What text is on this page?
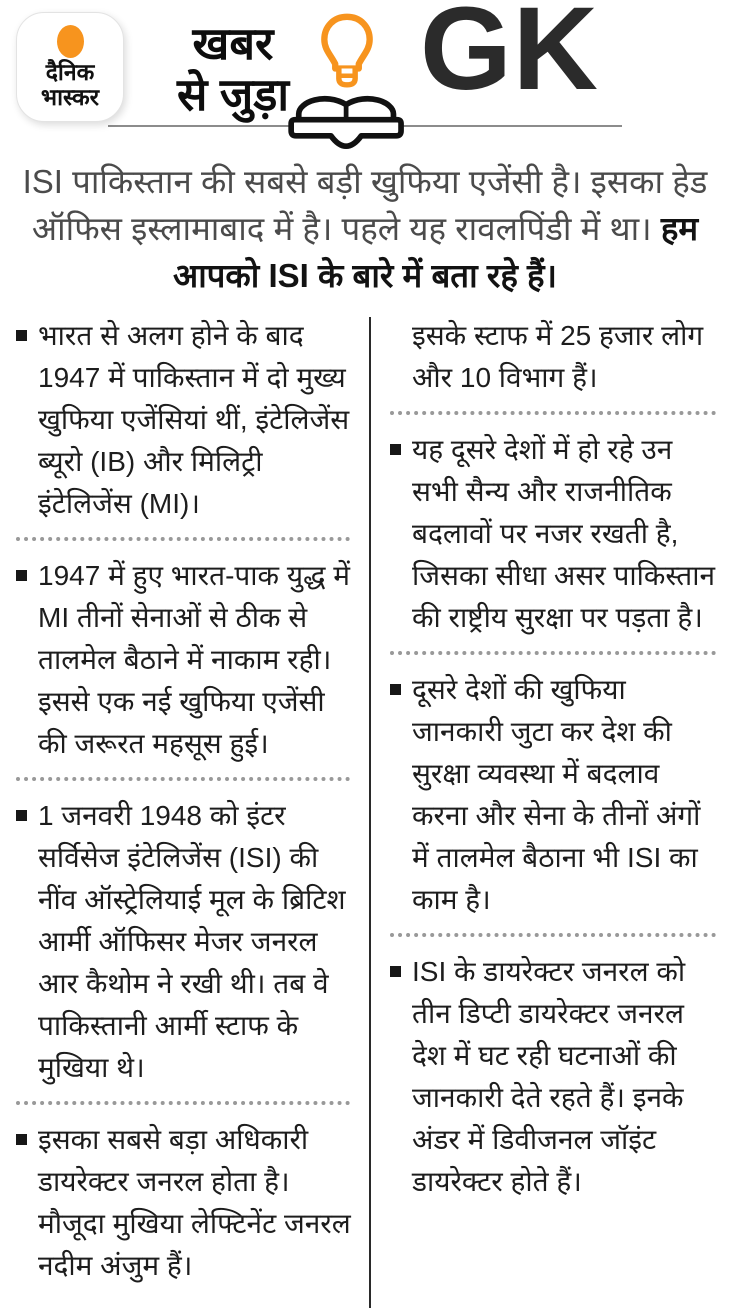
दैनिक
भास्कर
खबर
से जुड़ा GK
ISI पाकिस्तान की सबसे बड़ी खुफिया एजेंसी है। इसका हेड ऑफिस इस्लामाबाद में है। पहले यह रावलपिंडी में था। हम आपको ISI के बारे में बता रहे हैं।
भारत से अलग होने के बाद 1947 में पाकिस्तान में दो मुख्य खुफिया एजेंसियां थीं, इंटेलिजेंस ब्यूरो (IB) और मिलिट्री इंटेलिजेंस (MI)।
1947 में हुए भारत-पाक युद्ध में MI तीनों सेनाओं से ठीक से तालमेल बैठाने में नाकाम रही। इससे एक नई खुफिया एजेंसी की जरूरत महसूस हुई।
1 जनवरी 1948 को इंटर सर्विसेज इंटेलिजेंस (ISI) की नींव ऑस्ट्रेलियाई मूल के ब्रिटिश आर्मी ऑफिसर मेजर जनरल आर कैथोम ने रखी थी। तब वे पाकिस्तानी आर्मी स्टाफ के मुखिया थे।
इसका सबसे बड़ा अधिकारी डायरेक्टर जनरल होता है। मौजूदा मुखिया लेफ्टिनेंट जनरल नदीम अंजुम हैं।
इसके स्टाफ में 25 हजार लोग और 10 विभाग हैं।
यह दूसरे देशों में हो रहे उन सभी सैन्य और राजनीतिक बदलावों पर नजर रखती है, जिसका सीधा असर पाकिस्तान की राष्ट्रीय सुरक्षा पर पड़ता है।
दूसरे देशों की खुफिया जानकारी जुटा कर देश की सुरक्षा व्यवस्था में बदलाव करना और सेना के तीनों अंगों में तालमेल बैठाना भी ISI का काम है।
ISI के डायरेक्टर जनरल को तीन डिप्टी डायरेक्टर जनरल देश में घट रही घटनाओं की जानकारी देते रहते हैं। इनके अंडर में डिवीजनल जॉइंट डायरेक्टर होते हैं।
